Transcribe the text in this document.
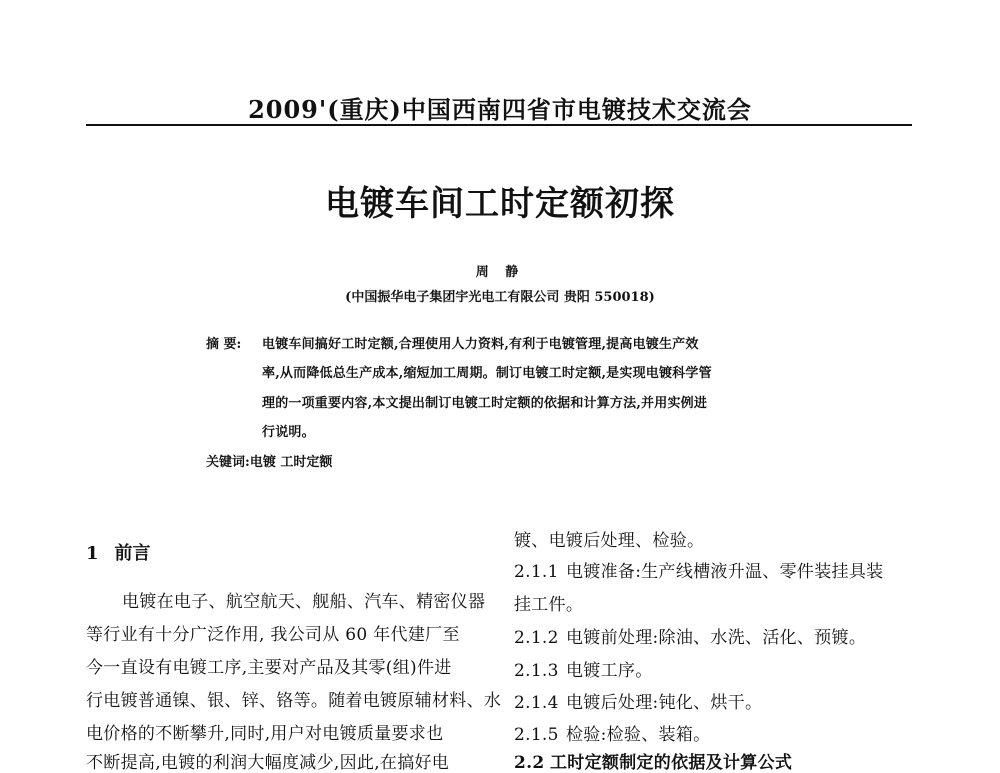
2009'(重庆)中国西南四省市电镀技术交流会
电镀车间工时定额初探
周 静
(中国振华电子集团宇光电工有限公司 贵阳 550018)
摘 要: 电镀车间搞好工时定额,合理使用人力资料,有利于电镀管理,提高电镀生产效
率,从而降低总生产成本,缩短加工周期。制订电镀工时定额,是实现电镀科学管
理的一项重要内容,本文提出制订电镀工时定额的依据和计算方法,并用实例进
行说明。
关键词:电镀 工时定额
1 前言
电镀在电子、航空航天、舰船、汽车、精密仪器
等行业有十分广泛作用, 我公司从 60 年代建厂至
今一直设有电镀工序,主要对产品及其零(组)件进
行电镀普通镍、银、锌、铬等。随着电镀原辅材料、水
电价格的不断攀升,同时,用户对电镀质量要求也
不断提高,电镀的利润大幅度减少,因此,在搞好电
镀、电镀后处理、检验。
2.1.1 电镀准备:生产线槽液升温、零件装挂具装
挂工件。
2.1.2 电镀前处理:除油、水洗、活化、预镀。
2.1.3 电镀工序。
2.1.4 电镀后处理:钝化、烘干。
2.1.5 检验:检验、装箱。
2.2 工时定额制定的依据及计算公式
